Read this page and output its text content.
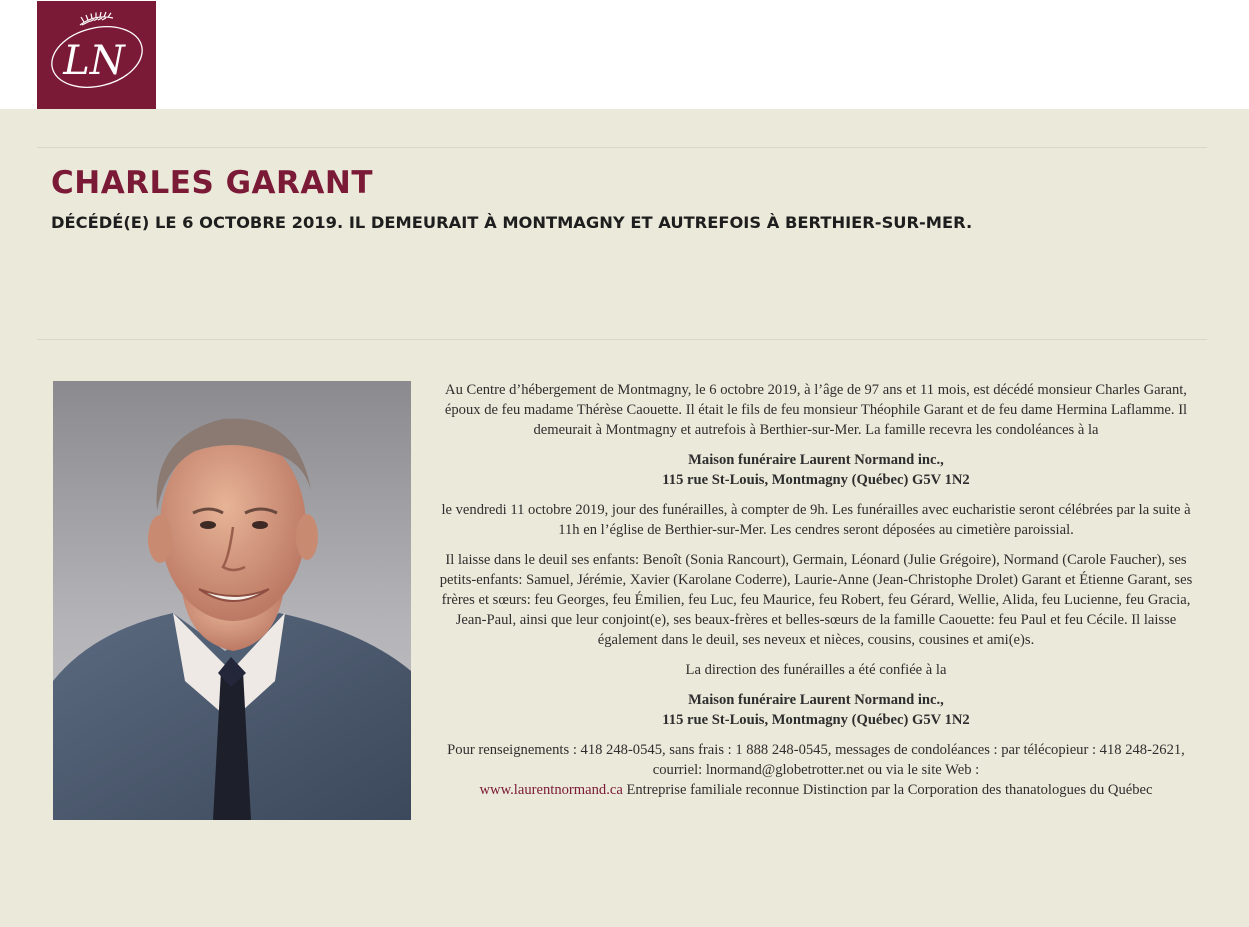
LN
CHARLES GARANT
DÉCÉDÉ(E) LE 6 OCTOBRE 2019. IL DEMEURAIT À MONTMAGNY ET AUTREFOIS À BERTHIER-SUR-MER.

Au Centre d’hébergement de Montmagny, le 6 octobre 2019, à l’âge de 97 ans et 11 mois, est décédé monsieur Charles Garant, époux de feu madame Thérèse Caouette. Il était le fils de feu monsieur Théophile Garant et de feu dame Hermina Laflamme. Il demeurait à Montmagny et autrefois à Berthier-sur-Mer. La famille recevra les condoléances à la

Maison funéraire Laurent Normand inc.,
115 rue St-Louis, Montmagny (Québec) G5V 1N2

le vendredi 11 octobre 2019, jour des funérailles, à compter de 9h. Les funérailles avec eucharistie seront célébrées par la suite à 11h en l’église de Berthier-sur-Mer. Les cendres seront déposées au cimetière paroissial.

Il laisse dans le deuil ses enfants: Benoît (Sonia Rancourt), Germain, Léonard (Julie Grégoire), Normand (Carole Faucher), ses petits-enfants: Samuel, Jérémie, Xavier (Karolane Coderre), Laurie-Anne (Jean-Christophe Drolet) Garant et Étienne Garant, ses frères et sœurs: feu Georges, feu Émilien, feu Luc, feu Maurice, feu Robert, feu Gérard, Wellie, Alida, feu Lucienne, feu Gracia, Jean-Paul, ainsi que leur conjoint(e), ses beaux-frères et belles-sœurs de la famille Caouette: feu Paul et feu Cécile. Il laisse également dans le deuil, ses neveux et nièces, cousins, cousines et ami(e)s.

La direction des funérailles a été confiée à la

Maison funéraire Laurent Normand inc.,
115 rue St-Louis, Montmagny (Québec) G5V 1N2

Pour renseignements : 418 248-0545, sans frais : 1 888 248-0545, messages de condoléances : par télécopieur : 418 248-2621, courriel: lnormand@globetrotter.net ou via le site Web :
www.laurentnormand.ca Entreprise familiale reconnue Distinction par la Corporation des thanatologues du Québec
